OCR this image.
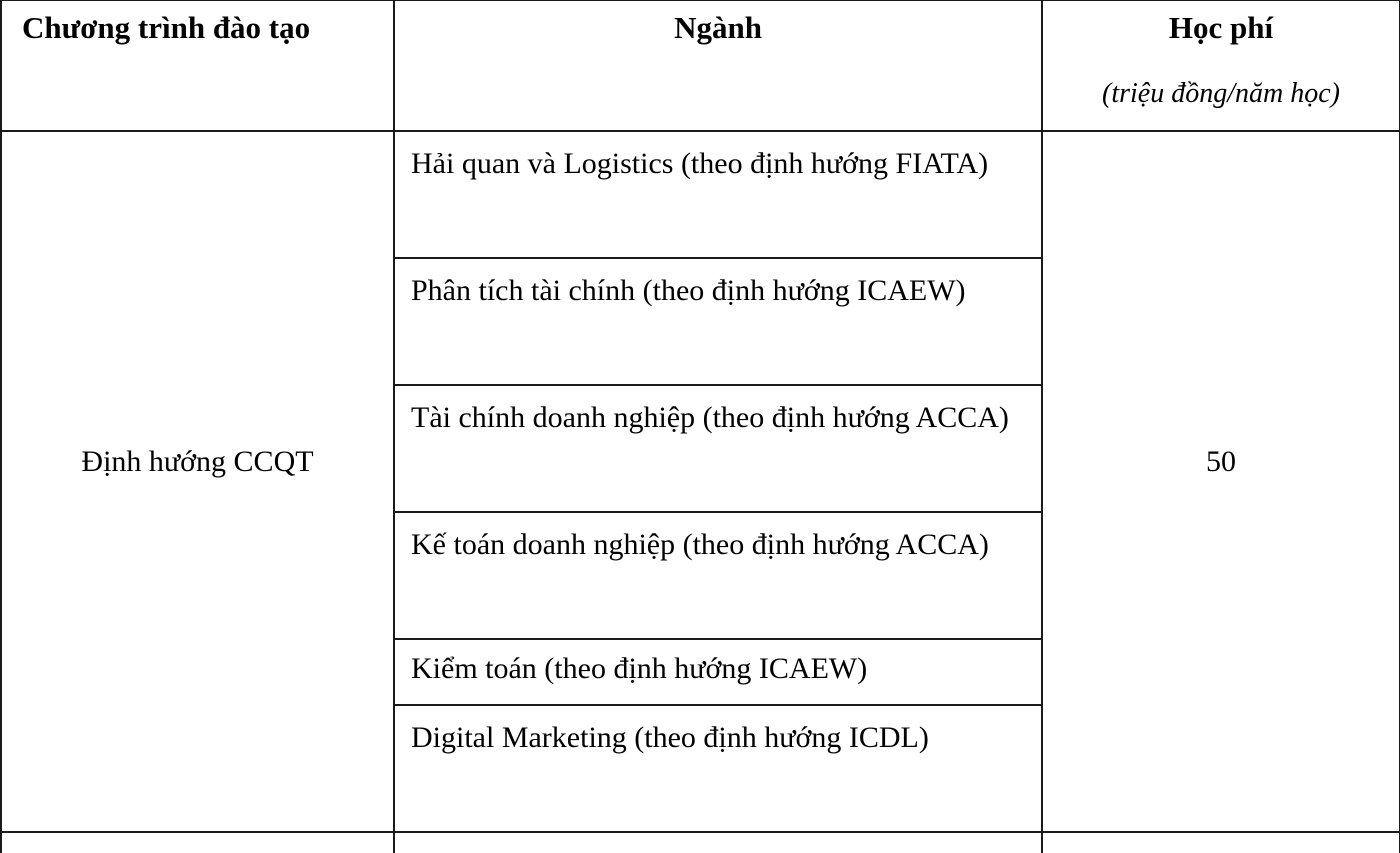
Chương trình đào tạo	Ngành	Học phí
(triệu đồng/năm học)

Định hướng CCQT	Hải quan và Logistics (theo định hướng FIATA)	50
	Phân tích tài chính (theo định hướng ICAEW)	
	Tài chính doanh nghiệp (theo định hướng ACCA)	
	Kế toán doanh nghiệp (theo định hướng ACCA)	
	Kiểm toán (theo định hướng ICAEW)	
	Digital Marketing (theo định hướng ICDL)	
